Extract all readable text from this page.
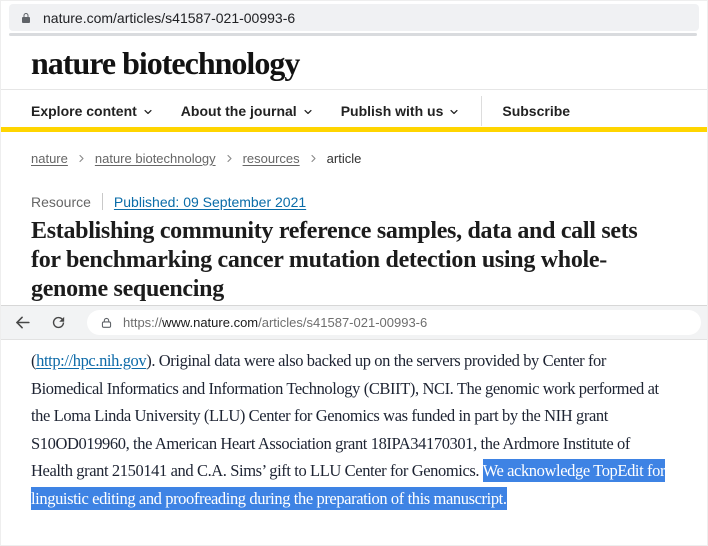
nature.com/articles/s41587-021-00993-6
nature biotechnology
Explore content	About the journal	Publish with us	Subscribe
nature nature biotechnology resources article
Resource Published: 09 September 2021
Establishing community reference samples, data and call sets for benchmarking cancer mutation detection using whole-genome sequencing
https://www.nature.com/articles/s41587-021-00993-6

(http://hpc.nih.gov). Original data were also backed up on the servers provided by Center for Biomedical Informatics and Information Technology (CBIIT), NCI. The genomic work performed at the Loma Linda University (LLU) Center for Genomics was funded in part by the NIH grant S10OD019960, the American Heart Association grant 18IPA34170301, the Ardmore Institute of Health grant 2150141 and C.A. Sims’ gift to LLU Center for Genomics. We acknowledge TopEdit for linguistic editing and proofreading during the preparation of this manuscript.
